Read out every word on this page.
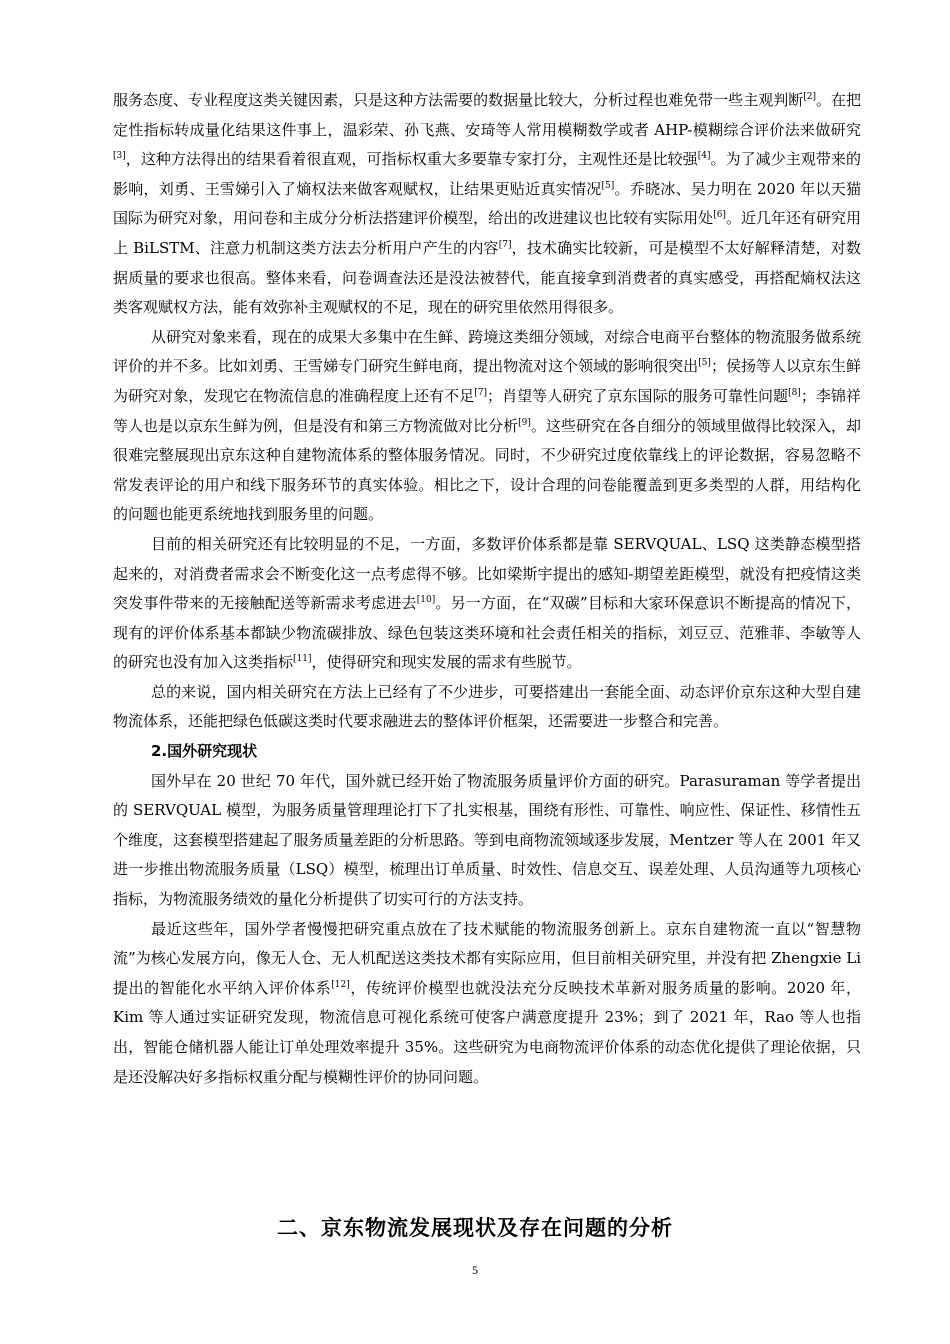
服务态度、专业程度这类关键因素，只是这种方法需要的数据量比较大，分析过程也难免带一些主观判断[2]。在把定性指标转成量化结果这件事上，温彩荣、孙飞燕、安琦等人常用模糊数学或者 AHP-模糊综合评价法来做研究[3]，这种方法得出的结果看着很直观，可指标权重大多要靠专家打分，主观性还是比较强[4]。为了减少主观带来的影响，刘勇、王雪娣引入了熵权法来做客观赋权，让结果更贴近真实情况[5]。乔晓冰、吴力明在 2020 年以天猫国际为研究对象，用问卷和主成分分析法搭建评价模型，给出的改进建议也比较有实际用处[6]。近几年还有研究用上 BiLSTM、注意力机制这类方法去分析用户产生的内容[7]，技术确实比较新，可是模型不太好解释清楚，对数据质量的要求也很高。整体来看，问卷调查法还是没法被替代，能直接拿到消费者的真实感受，再搭配熵权法这类客观赋权方法，能有效弥补主观赋权的不足，现在的研究里依然用得很多。

从研究对象来看，现在的成果大多集中在生鲜、跨境这类细分领域，对综合电商平台整体的物流服务做系统评价的并不多。比如刘勇、王雪娣专门研究生鲜电商，提出物流对这个领域的影响很突出[5]；侯扬等人以京东生鲜为研究对象，发现它在物流信息的准确程度上还有不足[7]；肖望等人研究了京东国际的服务可靠性问题[8]；李锦祥等人也是以京东生鲜为例，但是没有和第三方物流做对比分析[9]。这些研究在各自细分的领域里做得比较深入，却很难完整展现出京东这种自建物流体系的整体服务情况。同时，不少研究过度依靠线上的评论数据，容易忽略不常发表评论的用户和线下服务环节的真实体验。相比之下，设计合理的问卷能覆盖到更多类型的人群，用结构化的问题也能更系统地找到服务里的问题。

目前的相关研究还有比较明显的不足，一方面，多数评价体系都是靠 SERVQUAL、LSQ 这类静态模型搭起来的，对消费者需求会不断变化这一点考虑得不够。比如梁斯宇提出的感知-期望差距模型，就没有把疫情这类突发事件带来的无接触配送等新需求考虑进去[10]。另一方面，在“双碳”目标和大家环保意识不断提高的情况下，现有的评价体系基本都缺少物流碳排放、绿色包装这类环境和社会责任相关的指标，刘豆豆、范雅菲、李敏等人的研究也没有加入这类指标[11]，使得研究和现实发展的需求有些脱节。

总的来说，国内相关研究在方法上已经有了不少进步，可要搭建出一套能全面、动态评价京东这种大型自建物流体系，还能把绿色低碳这类时代要求融进去的整体评价框架，还需要进一步整合和完善。

2.国外研究现状

国外早在 20 世纪 70 年代，国外就已经开始了物流服务质量评价方面的研究。Parasuraman 等学者提出的 SERVQUAL 模型，为服务质量管理理论打下了扎实根基，围绕有形性、可靠性、响应性、保证性、移情性五个维度，这套模型搭建起了服务质量差距的分析思路。等到电商物流领域逐步发展，Mentzer 等人在 2001 年又进一步推出物流服务质量（LSQ）模型，梳理出订单质量、时效性、信息交互、误差处理、人员沟通等九项核心指标，为物流服务绩效的量化分析提供了切实可行的方法支持。

最近这些年，国外学者慢慢把研究重点放在了技术赋能的物流服务创新上。京东自建物流一直以“智慧物流”为核心发展方向，像无人仓、无人机配送这类技术都有实际应用，但目前相关研究里，并没有把 Zhengxie Li 提出的智能化水平纳入评价体系[12]，传统评价模型也就没法充分反映技术革新对服务质量的影响。2020 年，Kim 等人通过实证研究发现，物流信息可视化系统可使客户满意度提升 23%；到了 2021 年，Rao 等人也指出，智能仓储机器人能让订单处理效率提升 35%。这些研究为电商物流评价体系的动态优化提供了理论依据，只是还没解决好多指标权重分配与模糊性评价的协同问题。

二、京东物流发展现状及存在问题的分析
5
